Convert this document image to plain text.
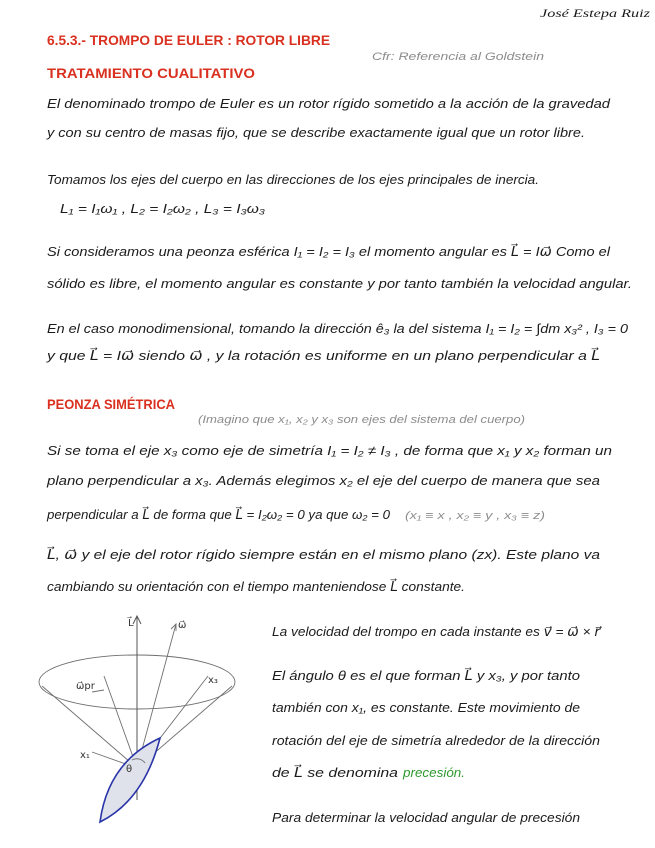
José Estepa Ruiz
6.5.3.- TROMPO DE EULER : ROTOR LIBRE
Cfr: Referencia al Goldstein
TRATAMIENTO CUALITATIVO
El denominado trompo de Euler es un rotor rígido sometido a la acción de la gravedad
y con su centro de masas fijo, que se describe exactamente igual que un rotor libre.
Tomamos los ejes del cuerpo en las direcciones de los ejes principales de inercia.
L₁ = I₁ω₁ , L₂ = I₂ω₂ , L₃ = I₃ω₃
Si consideramos una peonza esférica I₁ = I₂ = I₃ el momento angular es L⃗ = Iω⃗ Como el
sólido es libre, el momento angular es constante y por tanto también la velocidad angular.
En el caso monodimensional, tomando la dirección ê₃ la del sistema I₁ = I₂ = ∫dm x₃² , I₃ = 0
y que L⃗ = Iω⃗ siendo ω⃗ , y la rotación es uniforme en un plano perpendicular a L⃗
PEONZA SIMÉTRICA
(Imagino que x₁, x₂ y x₃ son ejes del sistema del cuerpo)
Si se toma el eje x₃ como eje de simetría I₁ = I₂ ≠ I₃ , de forma que x₁ y x₂ forman un
plano perpendicular a x₃. Además elegimos x₂ el eje del cuerpo de manera que sea
perpendicular a L⃗ de forma que L⃗ = I₂ω₂ = 0 ya que ω₂ = 0 (x₁ ≡ x , x₂ ≡ y , x₃ ≡ z)
L⃗, ω⃗ y el eje del rotor rígido siempre están en el mismo plano (zx). Este plano va
cambiando su orientación con el tiempo manteniendose L⃗ constante.
La velocidad del trompo en cada instante es v⃗ = ω⃗ × r⃗
El ángulo θ es el que forman L⃗ y x₃, y por tanto
también con x₁, es constante. Este movimiento de
rotación del eje de simetría alrededor de la dirección
de L⃗ se denomina precesión.
Para determinar la velocidad angular de precesión
L⃗	ω⃗
ω⃗pr
x₃
x₁
θ
